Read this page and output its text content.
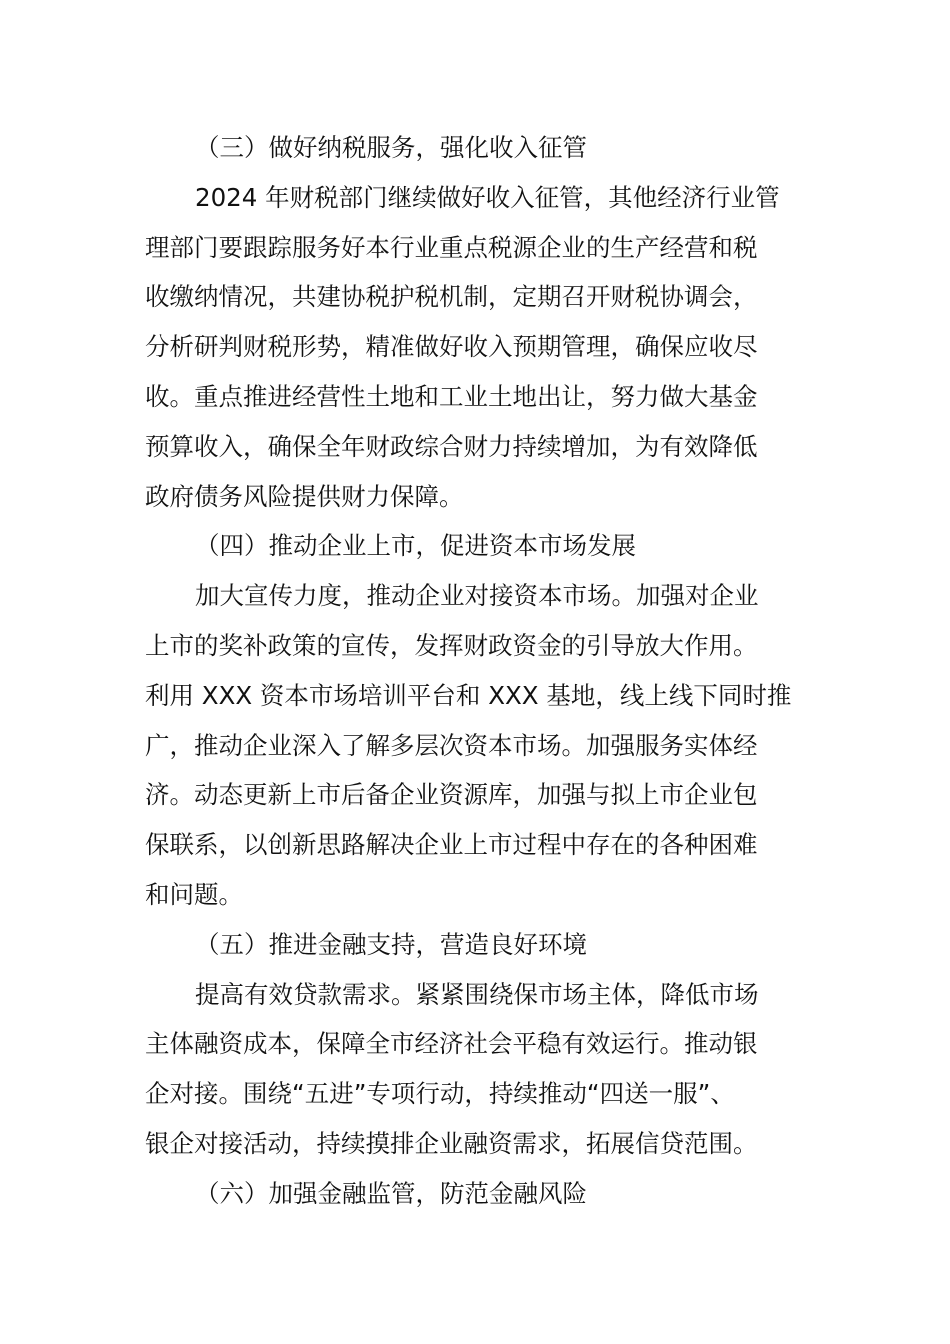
（三）做好纳税服务，强化收入征管
2024 年财税部门继续做好收入征管，其他经济行业管
理部门要跟踪服务好本行业重点税源企业的生产经营和税
收缴纳情况，共建协税护税机制，定期召开财税协调会，
分析研判财税形势，精准做好收入预期管理，确保应收尽
收。重点推进经营性土地和工业土地出让，努力做大基金
预算收入，确保全年财政综合财力持续增加，为有效降低
政府债务风险提供财力保障。
（四）推动企业上市，促进资本市场发展
加大宣传力度，推动企业对接资本市场。加强对企业
上市的奖补政策的宣传，发挥财政资金的引导放大作用。
利用 XXX 资本市场培训平台和 XXX 基地，线上线下同时推
广，推动企业深入了解多层次资本市场。加强服务实体经
济。动态更新上市后备企业资源库，加强与拟上市企业包
保联系，以创新思路解决企业上市过程中存在的各种困难
和问题。
（五）推进金融支持，营造良好环境
提高有效贷款需求。紧紧围绕保市场主体，降低市场
主体融资成本，保障全市经济社会平稳有效运行。推动银
企对接。围绕“五进”专项行动，持续推动“四送一服”、
银企对接活动，持续摸排企业融资需求，拓展信贷范围。
（六）加强金融监管，防范金融风险
